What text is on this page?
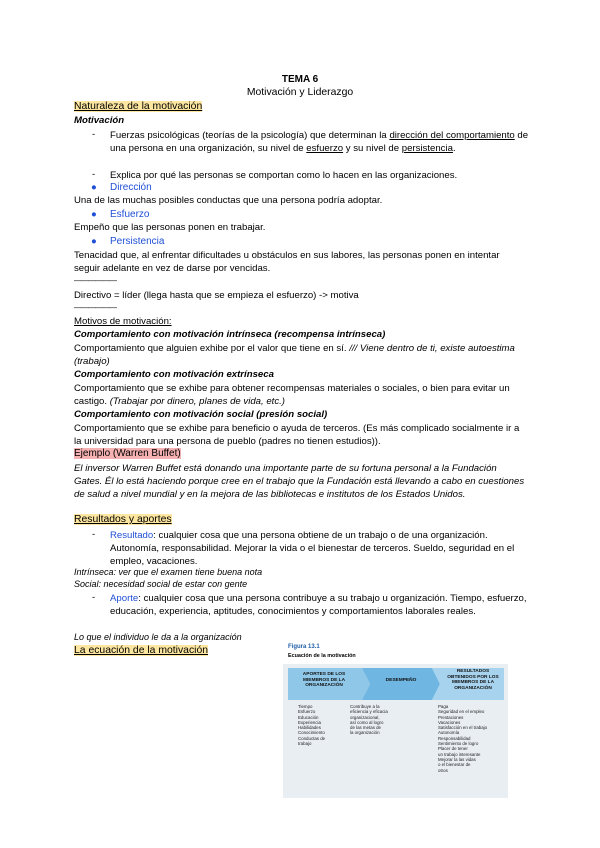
TEMA 6
Motivación y Liderazgo
Naturaleza de la motivación
Motivación
- Fuerzas psicológicas (teorías de la psicología) que determinan la dirección del comportamiento de una persona en una organización, su nivel de esfuerzo y su nivel de persistencia.
- Explica por qué las personas se comportan como lo hacen en las organizaciones.
● Dirección
Una de las muchas posibles conductas que una persona podría adoptar.
● Esfuerzo
Empeño que las personas ponen en trabajar.
● Persistencia
Tenacidad que, al enfrentar dificultades u obstáculos en sus labores, las personas ponen en intentar seguir adelante en vez de darse por vencidas.
——————
Directivo = líder (llega hasta que se empieza el esfuerzo) -> motiva
——————
Motivos de motivación:
Comportamiento con motivación intrínseca (recompensa intrínseca)
Comportamiento que alguien exhibe por el valor que tiene en sí. /// Viene dentro de ti, existe autoestima (trabajo)
Comportamiento con motivación extrínseca
Comportamiento que se exhibe para obtener recompensas materiales o sociales, o bien para evitar un castigo. (Trabajar por dinero, planes de vida, etc.)
Comportamiento con motivación social (presión social)
Comportamiento que se exhibe para beneficio o ayuda de terceros. (Es más complicado socialmente ir a la universidad para una persona de pueblo (padres no tienen estudios)).
Ejemplo (Warren Buffet)
El inversor Warren Buffet está donando una importante parte de su fortuna personal a la Fundación Gates. Él lo está haciendo porque cree en el trabajo que la Fundación está llevando a cabo en cuestiones de salud a nivel mundial y en la mejora de las bibliotecas e institutos de los Estados Unidos.
Resultados y aportes
- Resultado: cualquier cosa que una persona obtiene de un trabajo o de una organización. Autonomía, responsabilidad. Mejorar la vida o el bienestar de terceros. Sueldo, seguridad en el empleo, vacaciones.
Intrínseca: ver que el examen tiene buena nota
Social: necesidad social de estar con gente
- Aporte: cualquier cosa que una persona contribuye a su trabajo u organización. Tiempo, esfuerzo, educación, experiencia, aptitudes, conocimientos y comportamientos laborales reales.
Lo que el individuo le da a la organización
La ecuación de la motivación	Figura 13.1
Ecuación de la motivación
APORTES DE LOS MIEMBROS DE LA ORGANIZACIÓN
DESEMPEÑO
RESULTADOS OBTENIDOS POR LOS MIEMBROS DE LA ORGANIZACIÓN
Tiempo
Esfuerzo
Educación
Experiencia
Habilidades
Conocimiento
Conductas de
trabajo
Contribuye a la
eficiencia y eficacia
organizacional,
así como al logro
de las metas de
la organización
Paga
Seguridad en el empleo
Prestaciones
Vacaciones
Satisfacción en el trabajo
Autonomía
Responsabilidad
Sentimiento de logro
Placer de tener
un trabajo interesante
Mejorar la las vidas
o el bienestar de
otros
